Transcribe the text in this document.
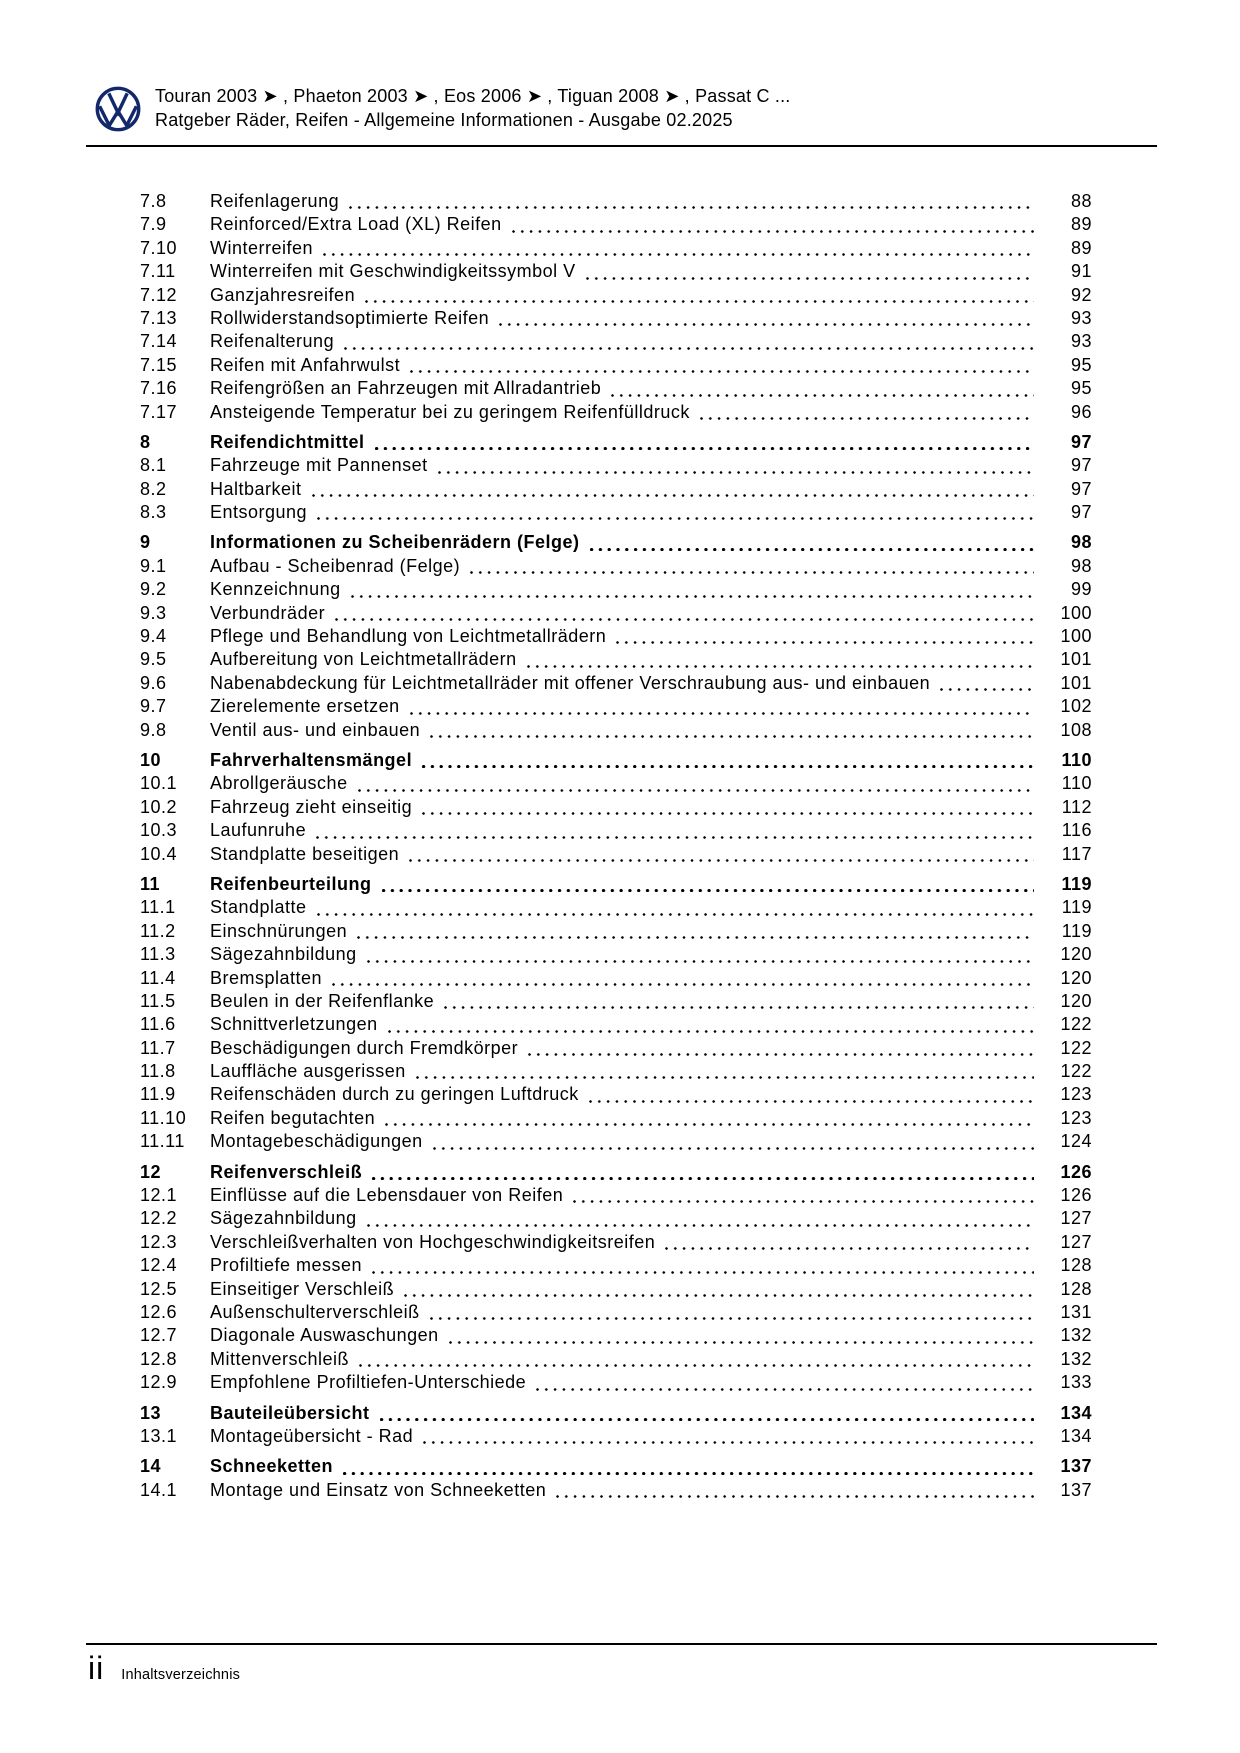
Touran 2003 ➤ , Phaeton 2003 ➤ , Eos 2006 ➤ , Tiguan 2008 ➤ , Passat C ...
Ratgeber Räder, Reifen - Allgemeine Informationen - Ausgabe 02.2025
7.8	Reifenlagerung	88
7.9	Reinforced/Extra Load (XL) Reifen	89
7.10	Winterreifen	89
7.11	Winterreifen mit Geschwindigkeitssymbol V	91
7.12	Ganzjahresreifen	92
7.13	Rollwiderstandsoptimierte Reifen	93
7.14	Reifenalterung	93
7.15	Reifen mit Anfahrwulst	95
7.16	Reifengrößen an Fahrzeugen mit Allradantrieb	95
7.17	Ansteigende Temperatur bei zu geringem Reifenfülldruck	96
8	Reifendichtmittel	97
8.1	Fahrzeuge mit Pannenset	97
8.2	Haltbarkeit	97
8.3	Entsorgung	97
9	Informationen zu Scheibenrädern (Felge)	98
9.1	Aufbau - Scheibenrad (Felge)	98
9.2	Kennzeichnung	99
9.3	Verbundräder	100
9.4	Pflege und Behandlung von Leichtmetallrädern	100
9.5	Aufbereitung von Leichtmetallrädern	101
9.6	Nabenabdeckung für Leichtmetallräder mit offener Verschraubung aus- und einbauen	101
9.7	Zierelemente ersetzen	102
9.8	Ventil aus- und einbauen	108
10	Fahrverhaltensmängel	110
10.1	Abrollgeräusche	110
10.2	Fahrzeug zieht einseitig	112
10.3	Laufunruhe	116
10.4	Standplatte beseitigen	117
11	Reifenbeurteilung	119
11.1	Standplatte	119
11.2	Einschnürungen	119
11.3	Sägezahnbildung	120
11.4	Bremsplatten	120
11.5	Beulen in der Reifenflanke	120
11.6	Schnittverletzungen	122
11.7	Beschädigungen durch Fremdkörper	122
11.8	Lauffläche ausgerissen	122
11.9	Reifenschäden durch zu geringen Luftdruck	123
11.10	Reifen begutachten	123
11.11	Montagebeschädigungen	124
12	Reifenverschleiß	126
12.1	Einflüsse auf die Lebensdauer von Reifen	126
12.2	Sägezahnbildung	127
12.3	Verschleißverhalten von Hochgeschwindigkeitsreifen	127
12.4	Profiltiefe messen	128
12.5	Einseitiger Verschleiß	128
12.6	Außenschulterverschleiß	131
12.7	Diagonale Auswaschungen	132
12.8	Mittenverschleiß	132
12.9	Empfohlene Profiltiefen-Unterschiede	133
13	Bauteileübersicht	134
13.1	Montageübersicht - Rad	134
14	Schneeketten	137
14.1	Montage und Einsatz von Schneeketten	137
ii Inhaltsverzeichnis
